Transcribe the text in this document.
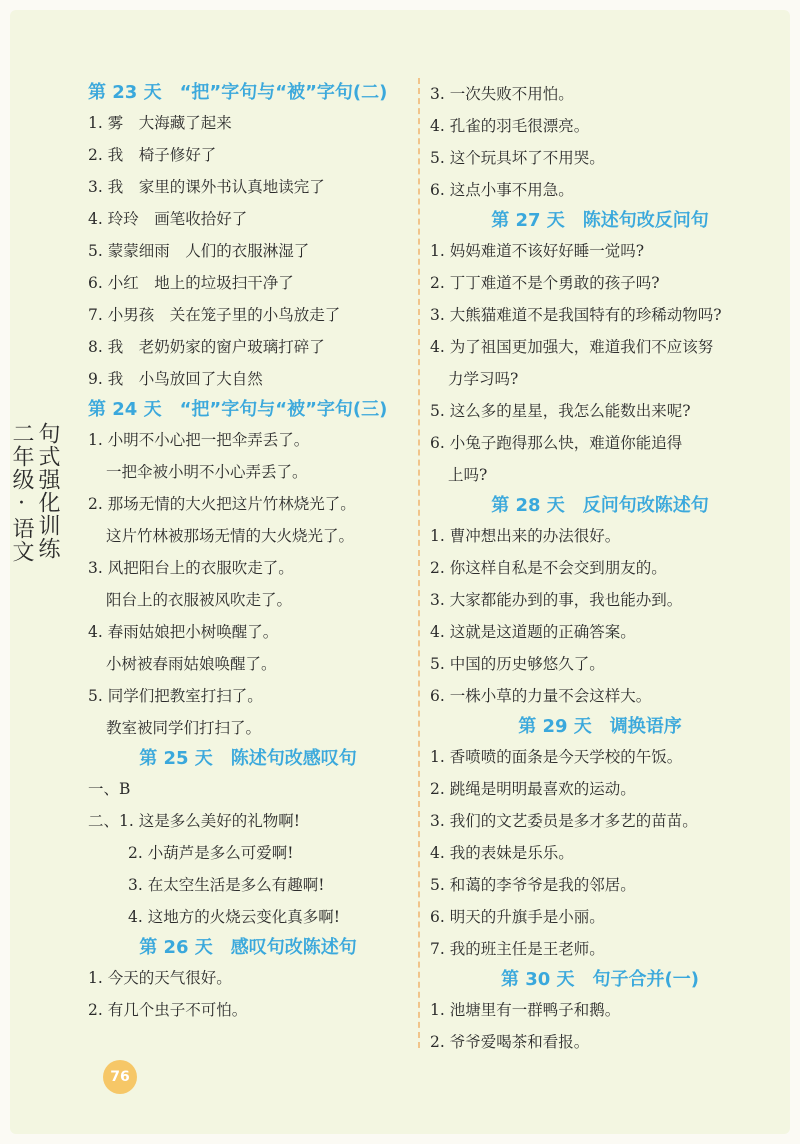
句式强化训练
二年级·语文
第 23 天　“把”字句与“被”字句(二)
1. 雾　大海藏了起来
2. 我　椅子修好了
3. 我　家里的课外书认真地读完了
4. 玲玲　画笔收拾好了
5. 蒙蒙细雨　人们的衣服淋湿了
6. 小红　地上的垃圾扫干净了
7. 小男孩　关在笼子里的小鸟放走了
8. 我　老奶奶家的窗户玻璃打碎了
9. 我　小鸟放回了大自然
第 24 天　“把”字句与“被”字句(三)
1. 小明不小心把一把伞弄丢了。
一把伞被小明不小心弄丢了。
2. 那场无情的大火把这片竹林烧光了。
这片竹林被那场无情的大火烧光了。
3. 风把阳台上的衣服吹走了。
阳台上的衣服被风吹走了。
4. 春雨姑娘把小树唤醒了。
小树被春雨姑娘唤醒了。
5. 同学们把教室打扫了。
教室被同学们打扫了。
第 25 天　陈述句改感叹句
一、B
二、1. 这是多么美好的礼物啊!
2. 小葫芦是多么可爱啊!
3. 在太空生活是多么有趣啊!
4. 这地方的火烧云变化真多啊!
第 26 天　感叹句改陈述句
1. 今天的天气很好。
2. 有几个虫子不可怕。
3. 一次失败不用怕。
4. 孔雀的羽毛很漂亮。
5. 这个玩具坏了不用哭。
6. 这点小事不用急。
第 27 天　陈述句改反问句
1. 妈妈难道不该好好睡一觉吗?
2. 丁丁难道不是个勇敢的孩子吗?
3. 大熊猫难道不是我国特有的珍稀动物吗?
4. 为了祖国更加强大，难道我们不应该努
力学习吗?
5. 这么多的星星，我怎么能数出来呢?
6. 小兔子跑得那么快，难道你能追得
上吗?
第 28 天　反问句改陈述句
1. 曹冲想出来的办法很好。
2. 你这样自私是不会交到朋友的。
3. 大家都能办到的事，我也能办到。
4. 这就是这道题的正确答案。
5. 中国的历史够悠久了。
6. 一株小草的力量不会这样大。
第 29 天　调换语序
1. 香喷喷的面条是今天学校的午饭。
2. 跳绳是明明最喜欢的运动。
3. 我们的文艺委员是多才多艺的苗苗。
4. 我的表妹是乐乐。
5. 和蔼的李爷爷是我的邻居。
6. 明天的升旗手是小丽。
7. 我的班主任是王老师。
第 30 天　句子合并(一)
1. 池塘里有一群鸭子和鹅。
2. 爷爷爱喝茶和看报。
76
